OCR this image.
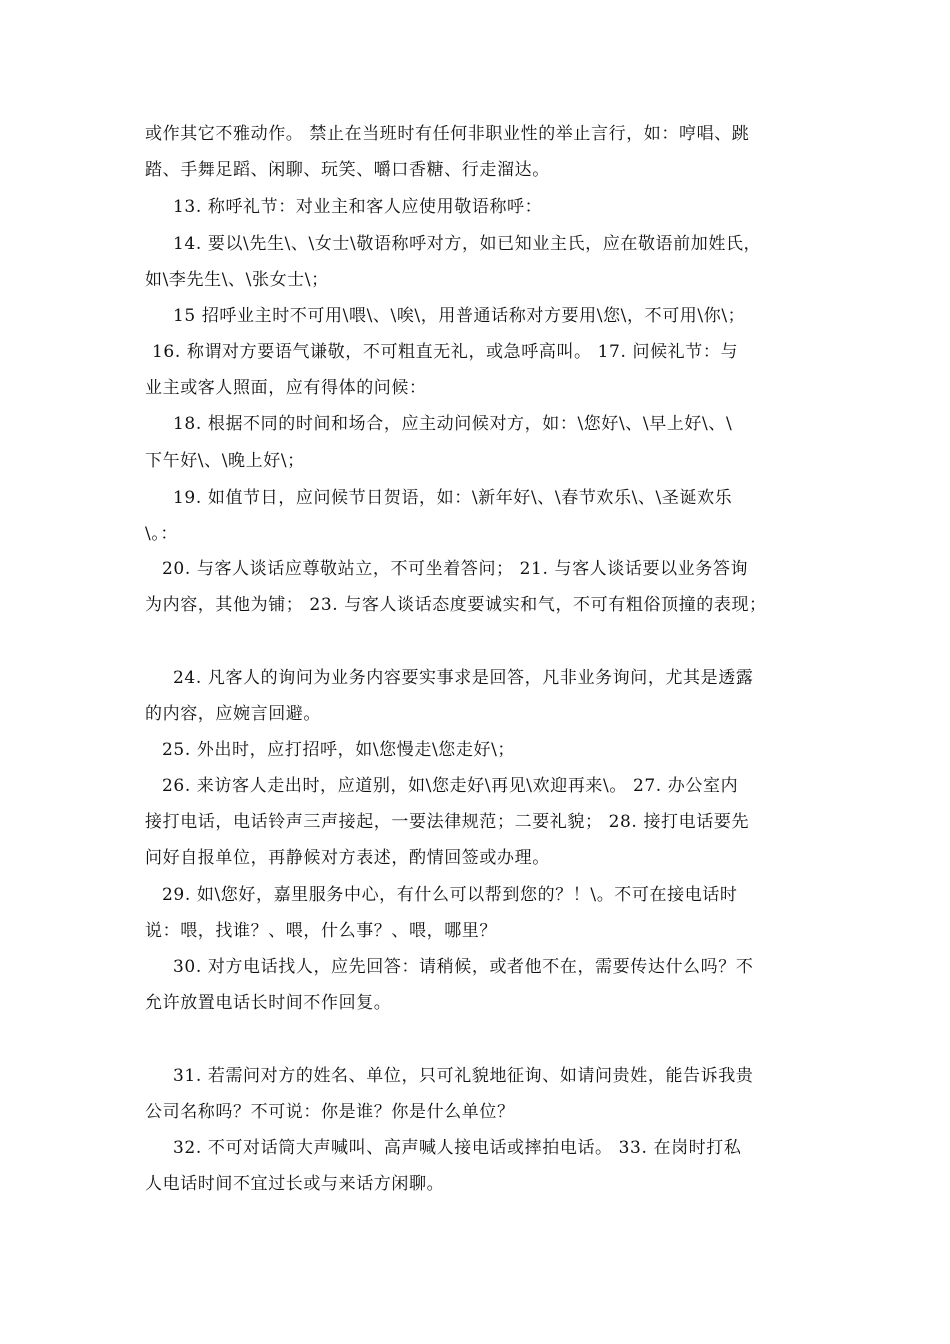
或作其它不雅动作。 禁止在当班时有任何非职业性的举止言行，如：哼唱、跳
踏、手舞足蹈、闲聊、玩笑、嚼口香糖、行走溜达。
13. 称呼礼节：对业主和客人应使用敬语称呼：
14. 要以\先生\、\女士\敬语称呼对方，如已知业主氏，应在敬语前加姓氏，
如\李先生\、\张女士\；
15 招呼业主时不可用\喂\、\唉\，用普通话称对方要用\您\，不可用\你\；
16. 称谓对方要语气谦敬，不可粗直无礼，或急呼高叫。 17. 问候礼节：与
业主或客人照面，应有得体的问候：
18. 根据不同的时间和场合，应主动问候对方，如：\您好\、\早上好\、\
下午好\、\晚上好\；
19. 如值节日，应问候节日贺语，如：\新年好\、\春节欢乐\、\圣诞欢乐
\。：
20. 与客人谈话应尊敬站立，不可坐着答问； 21. 与客人谈话要以业务答询
为内容，其他为铺； 23. 与客人谈话态度要诚实和气，不可有粗俗顶撞的表现；
24. 凡客人的询问为业务内容要实事求是回答，凡非业务询问，尤其是透露
的内容，应婉言回避。
25. 外出时，应打招呼，如\您慢走\您走好\；
26. 来访客人走出时，应道别，如\您走好\再见\欢迎再来\。 27. 办公室内
接打电话，电话铃声三声接起，一要法律规范；二要礼貌； 28. 接打电话要先
问好自报单位，再静候对方表述，酌情回签或办理。
29. 如\您好，嘉里服务中心，有什么可以帮到您的？！\。不可在接电话时
说：喂，找谁？、喂，什么事？、喂，哪里？
30. 对方电话找人，应先回答：请稍候，或者他不在，需要传达什么吗？不
允许放置电话长时间不作回复。
31. 若需问对方的姓名、单位，只可礼貌地征询、如请问贵姓，能告诉我贵
公司名称吗？不可说：你是谁？你是什么单位？
32. 不可对话筒大声喊叫、高声喊人接电话或摔拍电话。 33. 在岗时打私
人电话时间不宜过长或与来话方闲聊。
